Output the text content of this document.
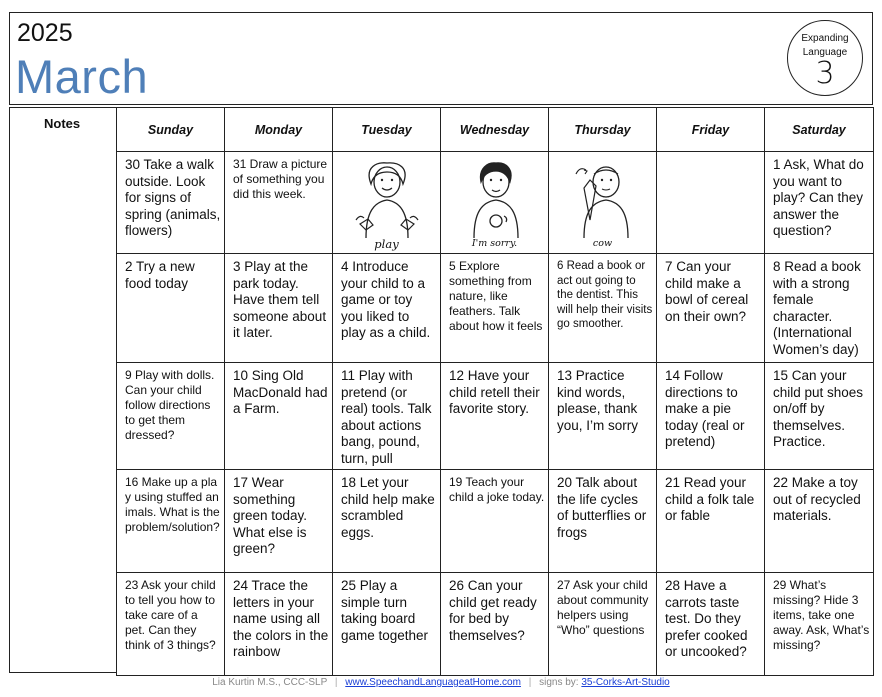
2025
March
Expanding
Language
3
Notes	Sunday	Monday	Tuesday	Wednesday	Thursday	Friday	Saturday

30 Take a walk outside. Look for signs of spring (animals, flowers)	31 Draw a picture of something you did this week.	play	I'm sorry.	cow		1 Ask, What do you want to play? Can they answer the question?

2 Try a new food today	3 Play at the park today. Have them tell someone about it later.	4 Introduce your child to a game or toy you liked to play as a child.	5 Explore something from nature, like feathers. Talk about how it feels	6 Read a book or act out going to the dentist. This will help their visits go smoother.	7 Can your child make a bowl of cereal on their own?	8 Read a book with a strong female character. (International Women’s day)

9 Play with dolls. Can your child follow directions to get them dressed?	10 Sing Old MacDonald had a Farm.	11 Play with pretend (or real) tools. Talk about actions bang, pound, turn, pull	12 Have your child retell their favorite story.	13 Practice kind words, please, thank you, I’m sorry	14 Follow directions to make a pie today (real or pretend)	15 Can your child put shoes on/off by themselves. Practice.

16 Make up a play using stuffed animals. What is the problem/solution?	17 Wear something green today. What else is green?	18 Let your child help make scrambled eggs.	19 Teach your child a joke today.	20 Talk about the life cycles of butterflies or frogs	21 Read your child a folk tale or fable	22 Make a toy out of recycled materials.

23 Ask your child to tell you how to take care of a pet. Can they think of 3 things?	24 Trace the letters in your name using all the colors in the rainbow	25 Play a simple turn taking board game together	26 Can your child get ready for bed by themselves?	27 Ask your child about community helpers using “Who” questions	28 Have a carrots taste test. Do they prefer cooked or uncooked?	29 What’s missing? Hide 3 items, take one away. Ask, What’s missing?
Lia Kurtin M.S., CCC-SLP | www.SpeechandLanguageatHome.com | signs by: 35-Corks-Art-Studio
